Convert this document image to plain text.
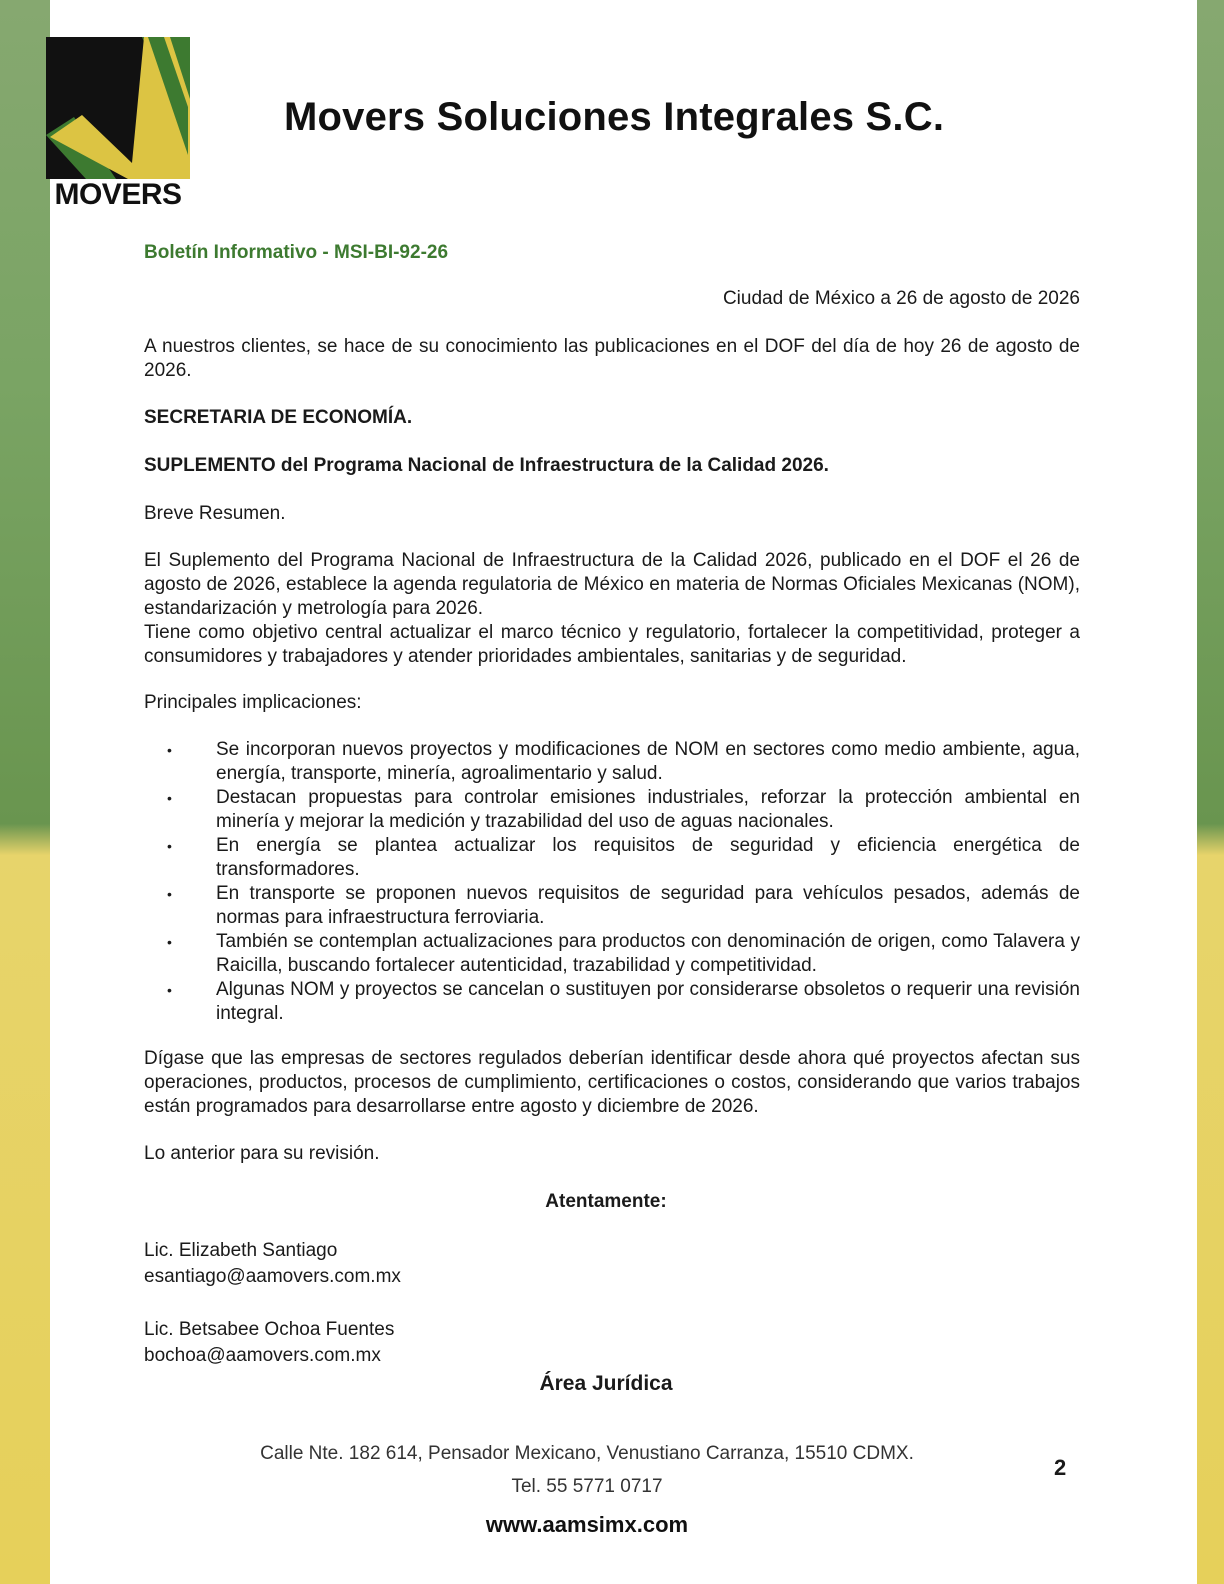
MOVERS
Movers Soluciones Integrales S.C.
Boletín Informativo - MSI-BI-92-26
Ciudad de México a 26 de agosto de 2026
A nuestros clientes, se hace de su conocimiento las publicaciones en el DOF del día de hoy 26 de agosto de 2026.
SECRETARIA DE ECONOMÍA.
SUPLEMENTO del Programa Nacional de Infraestructura de la Calidad 2026.
Breve Resumen.
El Suplemento del Programa Nacional de Infraestructura de la Calidad 2026, publicado en el DOF el 26 de agosto de 2026, establece la agenda regulatoria de México en materia de Normas Oficiales Mexicanas (NOM), estandarización y metrología para 2026.
Tiene como objetivo central actualizar el marco técnico y regulatorio, fortalecer la competitividad, proteger a consumidores y trabajadores y atender prioridades ambientales, sanitarias y de seguridad.
Principales implicaciones:
• Se incorporan nuevos proyectos y modificaciones de NOM en sectores como medio ambiente, agua, energía, transporte, minería, agroalimentario y salud.
• Destacan propuestas para controlar emisiones industriales, reforzar la protección ambiental en minería y mejorar la medición y trazabilidad del uso de aguas nacionales.
• En energía se plantea actualizar los requisitos de seguridad y eficiencia energética de transformadores.
• En transporte se proponen nuevos requisitos de seguridad para vehículos pesados, además de normas para infraestructura ferroviaria.
• También se contemplan actualizaciones para productos con denominación de origen, como Talavera y Raicilla, buscando fortalecer autenticidad, trazabilidad y competitividad.
• Algunas NOM y proyectos se cancelan o sustituyen por considerarse obsoletos o requerir una revisión integral.
Dígase que las empresas de sectores regulados deberían identificar desde ahora qué proyectos afectan sus operaciones, productos, procesos de cumplimiento, certificaciones o costos, considerando que varios trabajos están programados para desarrollarse entre agosto y diciembre de 2026.
Lo anterior para su revisión.
Atentamente:
Lic. Elizabeth Santiago
esantiago@aamovers.com.mx
Lic. Betsabee Ochoa Fuentes
bochoa@aamovers.com.mx
Área Jurídica
Calle Nte. 182 614, Pensador Mexicano, Venustiano Carranza, 15510 CDMX.
Tel. 55 5771 0717
www.aamsimx.com
2
